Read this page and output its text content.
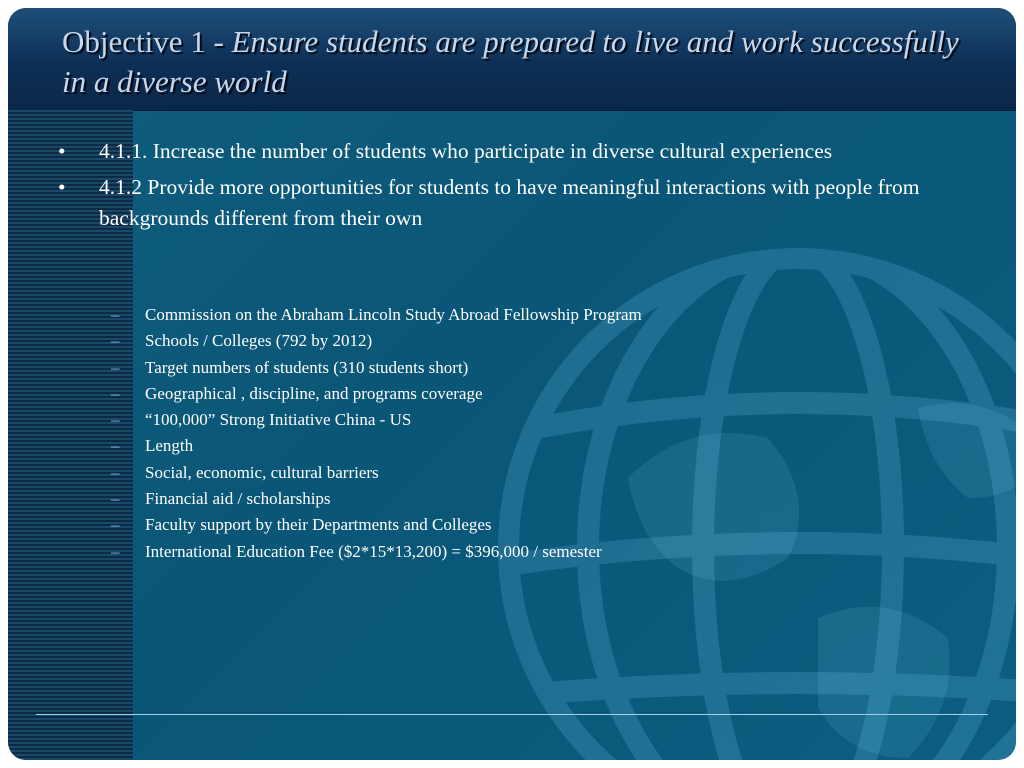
Objective 1 - Ensure students are prepared to live and work successfully in a diverse world
• 4.1.1. Increase the number of students who participate in diverse cultural experiences
• 4.1.2 Provide more opportunities for students to have meaningful interactions with people from backgrounds different from their own
– Commission on the Abraham Lincoln Study Abroad Fellowship Program
– Schools / Colleges (792 by 2012)
– Target numbers of students (310 students short)
– Geographical , discipline, and programs coverage
– “100,000” Strong Initiative China - US
– Length
– Social, economic, cultural barriers
– Financial aid / scholarships
– Faculty support by their Departments and Colleges
– International Education Fee ($2*15*13,200) = $396,000 / semester
